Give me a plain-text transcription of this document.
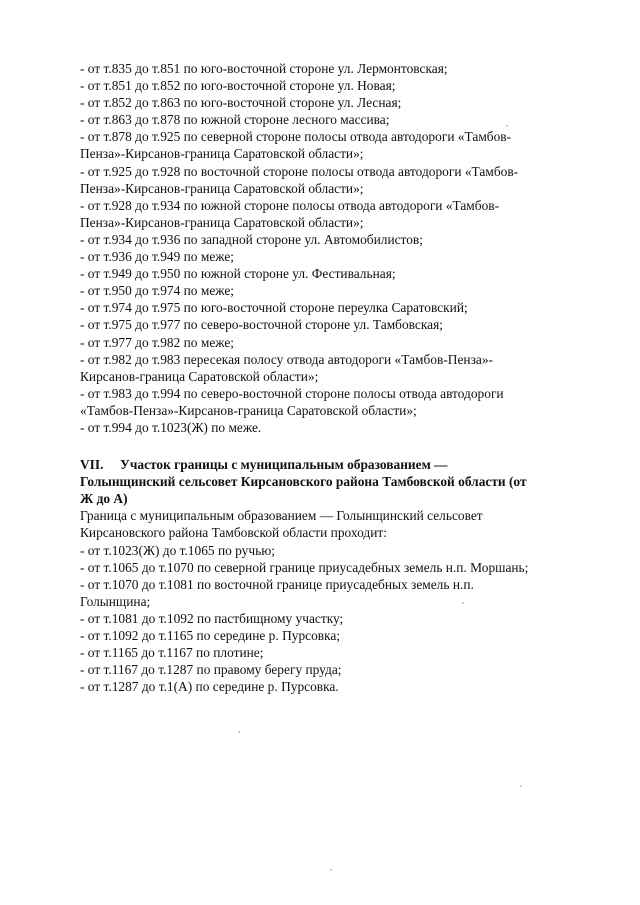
- от т.835 до т.851 по юго-восточной стороне ул. Лермонтовская;
- от т.851 до т.852 по юго-восточной стороне ул. Новая;
- от т.852 до т.863 по юго-восточной стороне ул. Лесная;
- от т.863 до т.878 по южной стороне лесного массива;
- от т.878 до т.925 по северной стороне полосы отвода автодороги «Тамбов-
Пенза»-Кирсанов-граница Саратовской области»;
- от т.925 до т.928 по восточной стороне полосы отвода автодороги «Тамбов-
Пенза»-Кирсанов-граница Саратовской области»;
- от т.928 до т.934 по южной стороне полосы отвода автодороги «Тамбов-
Пенза»-Кирсанов-граница Саратовской области»;
- от т.934 до т.936 по западной стороне ул. Автомобилистов;
- от т.936 до т.949 по меже;
- от т.949 до т.950 по южной стороне ул. Фестивальная;
- от т.950 до т.974 по меже;
- от т.974 до т.975 по юго-восточной стороне переулка Саратовский;
- от т.975 до т.977 по северо-восточной стороне ул. Тамбовская;
- от т.977 до т.982 по меже;
- от т.982 до т.983 пересекая полосу отвода автодороги «Тамбов-Пенза»-
Кирсанов-граница Саратовской области»;
- от т.983 до т.994 по северо-восточной стороне полосы отвода автодороги
«Тамбов-Пенза»-Кирсанов-граница Саратовской области»;
- от т.994 до т.1023(Ж) по меже.
VII. Участок границы с муниципальным образованием —
Голынщинский сельсовет Кирсановского района Тамбовской области (от
Ж до А)
Граница с муниципальным образованием — Голынщинский сельсовет
Кирсановского района Тамбовской области проходит:
- от т.1023(Ж) до т.1065 по ручью;
- от т.1065 до т.1070 по северной границе приусадебных земель н.п. Моршань;
- от т.1070 до т.1081 по восточной границе приусадебных земель н.п.
Голынщина;
- от т.1081 до т.1092 по пастбищному участку;
- от т.1092 до т.1165 по середине р. Пурсовка;
- от т.1165 до т.1167 по плотине;
- от т.1167 до т.1287 по правому берегу пруда;
- от т.1287 до т.1(А) по середине р. Пурсовка.
